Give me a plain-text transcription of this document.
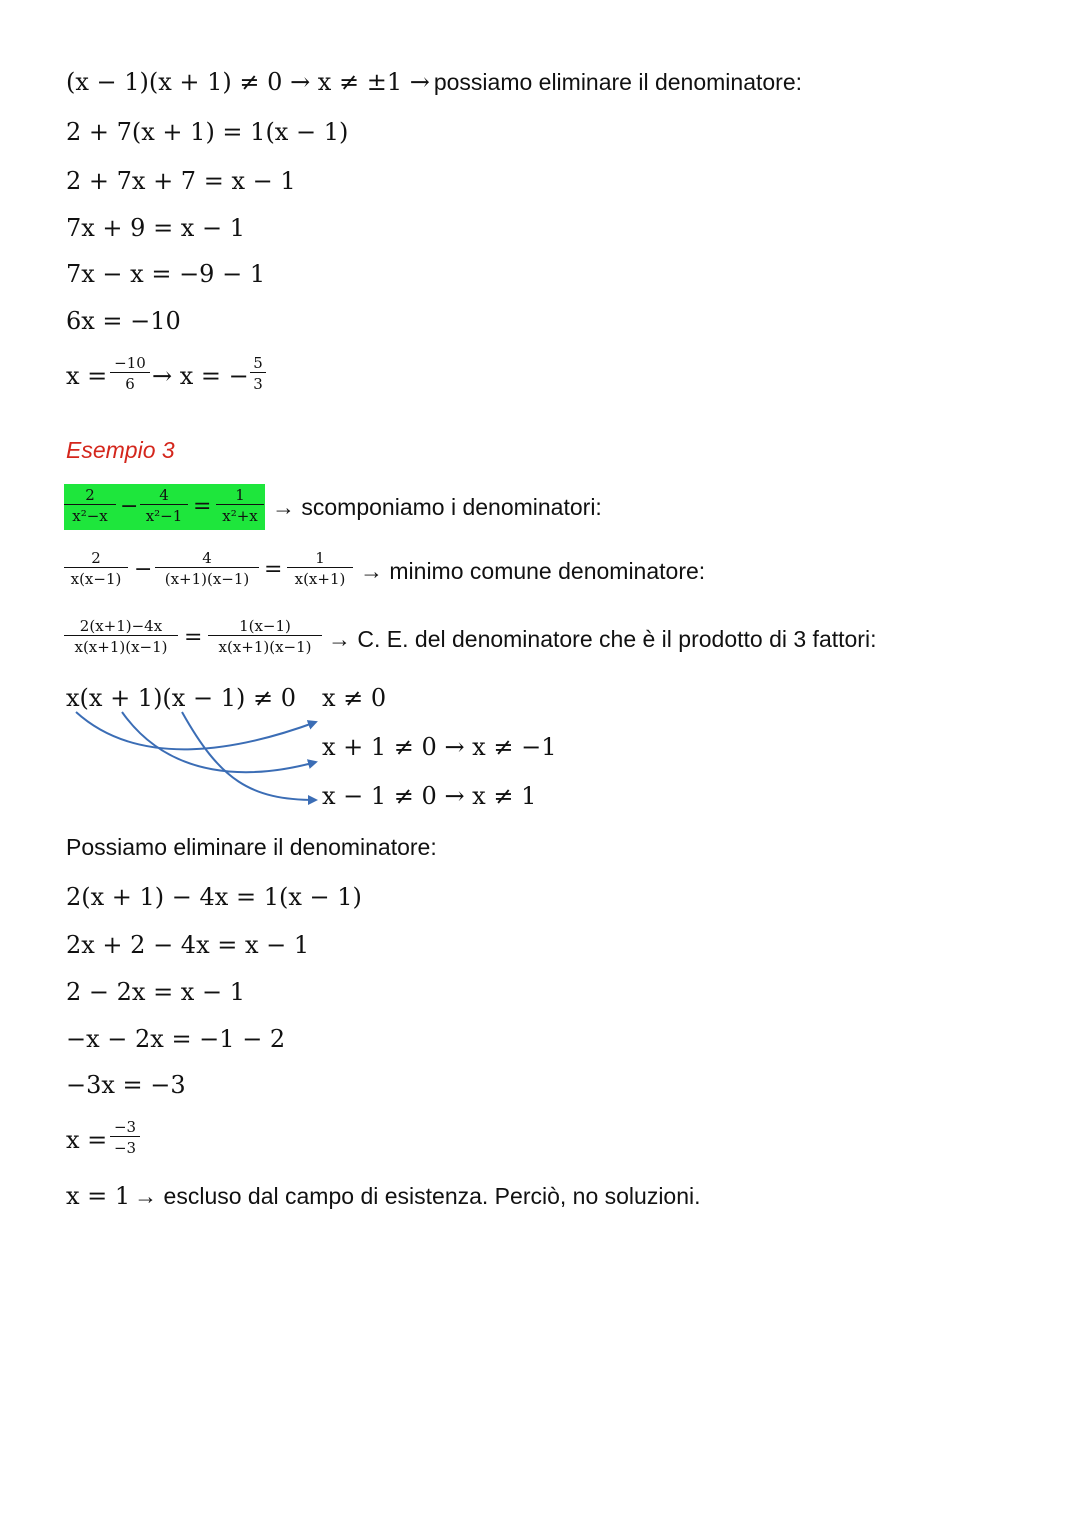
(x − 1)(x + 1) ≠ 0 → x ≠ ±1 → possiamo eliminare il denominatore:
2 + 7(x + 1) = 1(x − 1)
2 + 7x + 7 = x − 1
7x + 9 = x − 1
7x − x = −9 − 1
6x = −10
$x = \frac{-10}{6} \to x$ = − $\frac{5}{3}$
Esempio 3
$\frac{2}{\text{x²−x}} - \frac{4}{\text{x²−1}} = \frac{1}{\text{x²+x}}$ → scomponiamo i denominatori:
$\frac{2}{x(x-1)} - \frac{4}{(x+1)(x-1)} = \frac{1}{x(x+1)}$ → minimo comune denominatore:
$\frac{2(x+1)-4x}{x(x+1)(x-1)} = \frac{1(x-1)}{x(x+1)(x-1)} \to C$. E. del denominatore che è il prodotto di 3 fattori:
x(x + 1)(x − 1) ≠ 0 x ≠ 0
x + 1 ≠ 0 → x ≠ −1
x − 1 ≠ 0 → x ≠ 1
Possiamo eliminare il denominatore:
2(x + 1) − 4x = 1(x − 1)
2x + 2 − 4x = x − 1
2 − 2x = x − 1
−x − 2x = −1 − 2
−3x = −3
$x = \frac{-3}{-3}$
x = 1 → escluso dal campo di esistenza. Perciò, no soluzioni.
